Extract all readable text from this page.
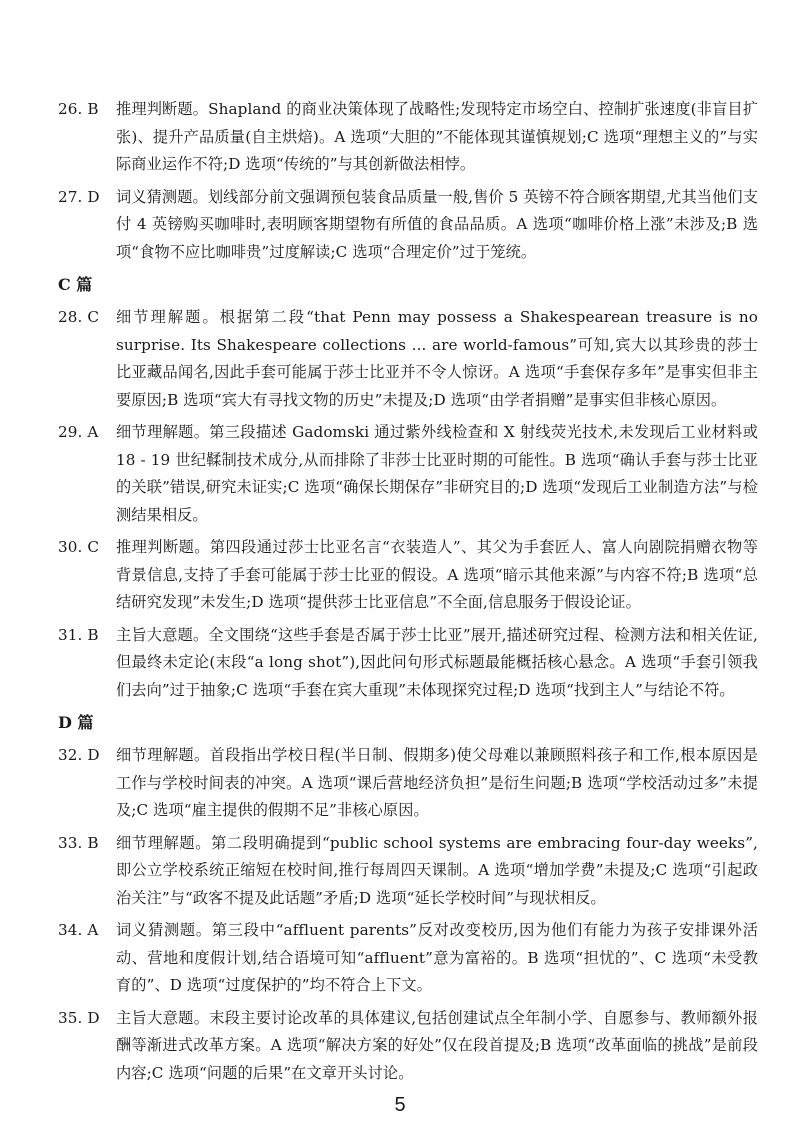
26. B	推理判断题。Shapland 的商业决策体现了战略性;发现特定市场空白、控制扩张速度(非盲目扩张)、提升产品质量(自主烘焙)。A 选项“大胆的”不能体现其谨慎规划;C 选项“理想主义的”与实际商业运作不符;D 选项“传统的”与其创新做法相悖。
27. D	词义猜测题。划线部分前文强调预包装食品质量一般,售价 5 英镑不符合顾客期望,尤其当他们支付 4 英镑购买咖啡时,表明顾客期望物有所值的食品品质。A 选项“咖啡价格上涨”未涉及;B 选项“食物不应比咖啡贵”过度解读;C 选项“合理定价”过于笼统。
C 篇
28. C	细节理解题。根据第二段“that Penn may possess a Shakespearean treasure is no surprise. Its Shakespeare collections ... are world-famous”可知,宾大以其珍贵的莎士比亚藏品闻名,因此手套可能属于莎士比亚并不令人惊讶。A 选项“手套保存多年”是事实但非主要原因;B 选项“宾大有寻找文物的历史”未提及;D 选项“由学者捐赠”是事实但非核心原因。
29. A	细节理解题。第三段描述 Gadomski 通过紫外线检查和 X 射线荧光技术,未发现后工业材料或 18 - 19 世纪鞣制技术成分,从而排除了非莎士比亚时期的可能性。B 选项“确认手套与莎士比亚的关联”错误,研究未证实;C 选项“确保长期保存”非研究目的;D 选项“发现后工业制造方法”与检测结果相反。
30. C	推理判断题。第四段通过莎士比亚名言“衣装造人”、其父为手套匠人、富人向剧院捐赠衣物等背景信息,支持了手套可能属于莎士比亚的假设。A 选项“暗示其他来源”与内容不符;B 选项“总结研究发现”未发生;D 选项“提供莎士比亚信息”不全面,信息服务于假设论证。
31. B	主旨大意题。全文围绕“这些手套是否属于莎士比亚”展开,描述研究过程、检测方法和相关佐证,但最终未定论(末段“a long shot”),因此问句形式标题最能概括核心悬念。A 选项“手套引领我们去向”过于抽象;C 选项“手套在宾大重现”未体现探究过程;D 选项“找到主人”与结论不符。
D 篇
32. D	细节理解题。首段指出学校日程(半日制、假期多)使父母难以兼顾照料孩子和工作,根本原因是工作与学校时间表的冲突。A 选项“课后营地经济负担”是衍生问题;B 选项“学校活动过多”未提及;C 选项“雇主提供的假期不足”非核心原因。
33. B	细节理解题。第二段明确提到“public school systems are embracing four-day weeks”,即公立学校系统正缩短在校时间,推行每周四天课制。A 选项“增加学费”未提及;C 选项“引起政治关注”与“政客不提及此话题”矛盾;D 选项“延长学校时间”与现状相反。
34. A	词义猜测题。第三段中“affluent parents”反对改变校历,因为他们有能力为孩子安排课外活动、营地和度假计划,结合语境可知“affluent”意为富裕的。B 选项“担忧的”、C 选项“未受教育的”、D 选项“过度保护的”均不符合上下文。
35. D	主旨大意题。末段主要讨论改革的具体建议,包括创建试点全年制小学、自愿参与、教师额外报酬等渐进式改革方案。A 选项“解决方案的好处”仅在段首提及;B 选项“改革面临的挑战”是前段内容;C 选项“问题的后果”在文章开头讨论。
5
